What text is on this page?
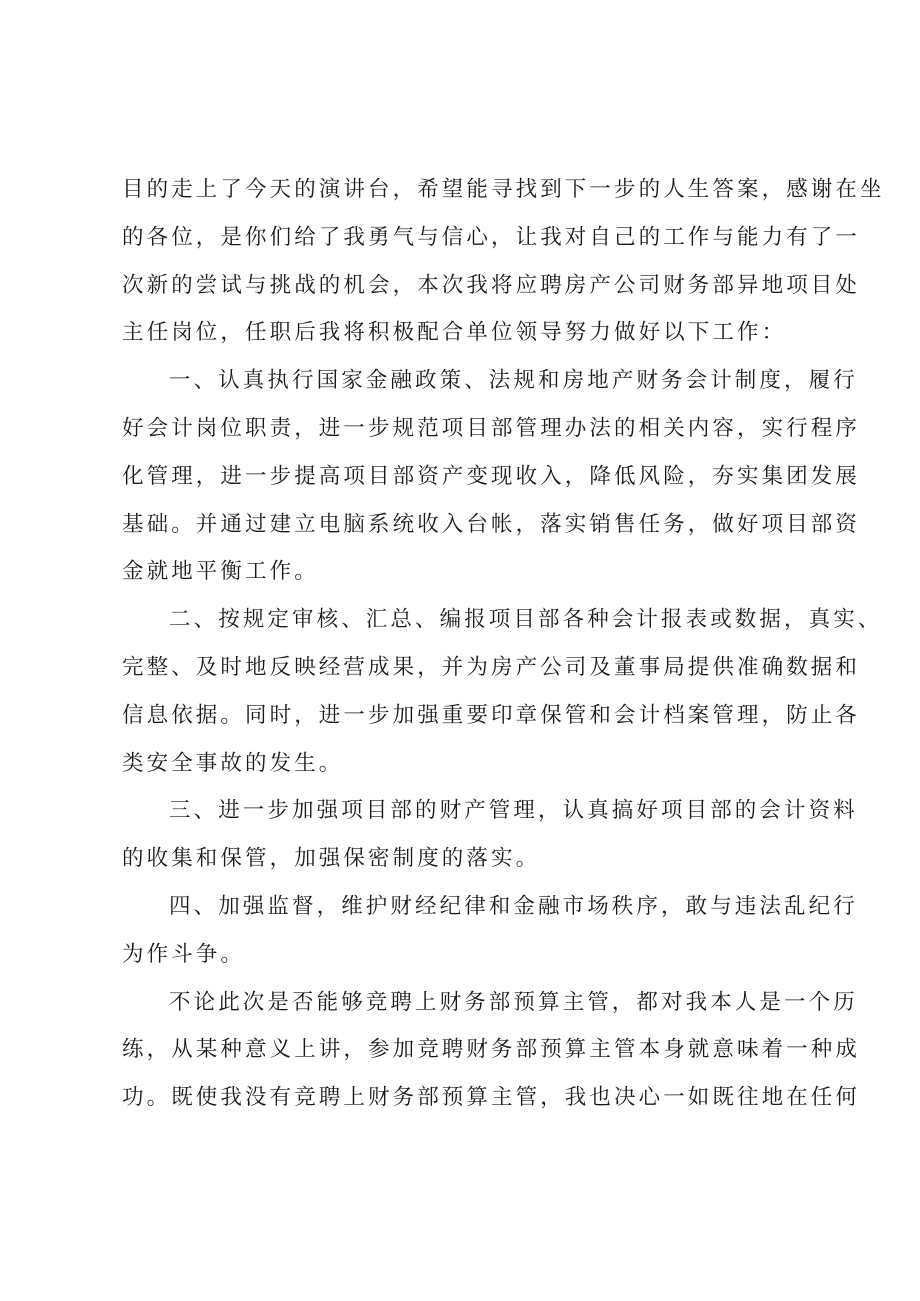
目的走上了今天的演讲台，希望能寻找到下一步的人生答案，感谢在坐
的各位，是你们给了我勇气与信心，让我对自己的工作与能力有了一
次新的尝试与挑战的机会，本次我将应聘房产公司财务部异地项目处
主任岗位，任职后我将积极配合单位领导努力做好以下工作：

一、认真执行国家金融政策、法规和房地产财务会计制度，履行
好会计岗位职责，进一步规范项目部管理办法的相关内容，实行程序
化管理，进一步提高项目部资产变现收入，降低风险，夯实集团发展
基础。并通过建立电脑系统收入台帐，落实销售任务，做好项目部资
金就地平衡工作。

二、按规定审核、汇总、编报项目部各种会计报表或数据，真实、
完整、及时地反映经营成果，并为房产公司及董事局提供准确数据和
信息依据。同时，进一步加强重要印章保管和会计档案管理，防止各
类安全事故的发生。

三、进一步加强项目部的财产管理，认真搞好项目部的会计资料
的收集和保管，加强保密制度的落实。

四、加强监督，维护财经纪律和金融市场秩序，敢与违法乱纪行
为作斗争。

不论此次是否能够竞聘上财务部预算主管，都对我本人是一个历
练，从某种意义上讲，参加竞聘财务部预算主管本身就意味着一种成
功。既使我没有竞聘上财务部预算主管，我也决心一如既往地在任何
